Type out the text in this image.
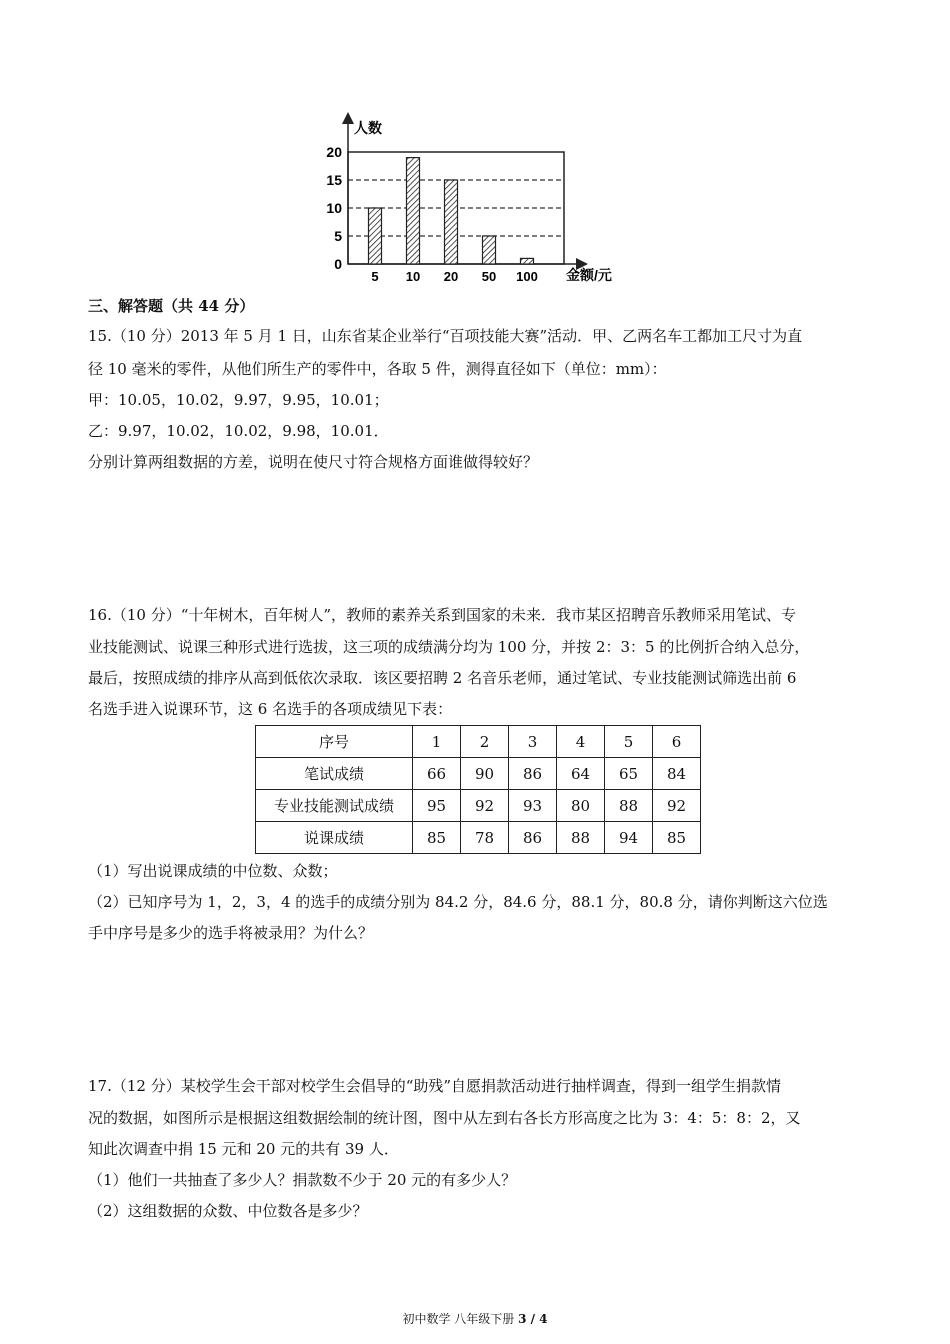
人数
金额/元
0
5
10
15
20
5 10 20 50 100
三、解答题（共 44 分）
15.（10 分）2013 年 5 月 1 日，山东省某企业举行“百项技能大赛”活动．甲、乙两名车工都加工尺寸为直
径 10 毫米的零件，从他们所生产的零件中，各取 5 件，测得直径如下（单位：mm）：
甲：10.05，10.02，9.97，9.95，10.01；
乙：9.97，10.02，10.02，9.98，10.01．
分别计算两组数据的方差，说明在使尺寸符合规格方面谁做得较好？
16.（10 分）“十年树木，百年树人”，教师的素养关系到国家的未来．我市某区招聘音乐教师采用笔试、专
业技能测试、说课三种形式进行选拔，这三项的成绩满分均为 100 分，并按 2：3：5 的比例折合纳入总分，
最后，按照成绩的排序从高到低依次录取．该区要招聘 2 名音乐老师，通过笔试、专业技能测试筛选出前 6
名选手进入说课环节，这 6 名选手的各项成绩见下表：
序号	1	2	3	4	5	6
笔试成绩	66	90	86	64	65	84
专业技能测试成绩	95	92	93	80	88	92
说课成绩	85	78	86	88	94	85
（1）写出说课成绩的中位数、众数；
（2）已知序号为 1，2，3，4 的选手的成绩分别为 84.2 分，84.6 分，88.1 分，80.8 分，请你判断这六位选
手中序号是多少的选手将被录用？为什么？
17.（12 分）某校学生会干部对校学生会倡导的“助残”自愿捐款活动进行抽样调查，得到一组学生捐款情
况的数据，如图所示是根据这组数据绘制的统计图，图中从左到右各长方形高度之比为 3：4：5：8：2，又
知此次调查中捐 15 元和 20 元的共有 39 人．
（1）他们一共抽查了多少人？捐款数不少于 20 元的有多少人？
（2）这组数据的众数、中位数各是多少？
初中数学 八年级下册 3 / 4
